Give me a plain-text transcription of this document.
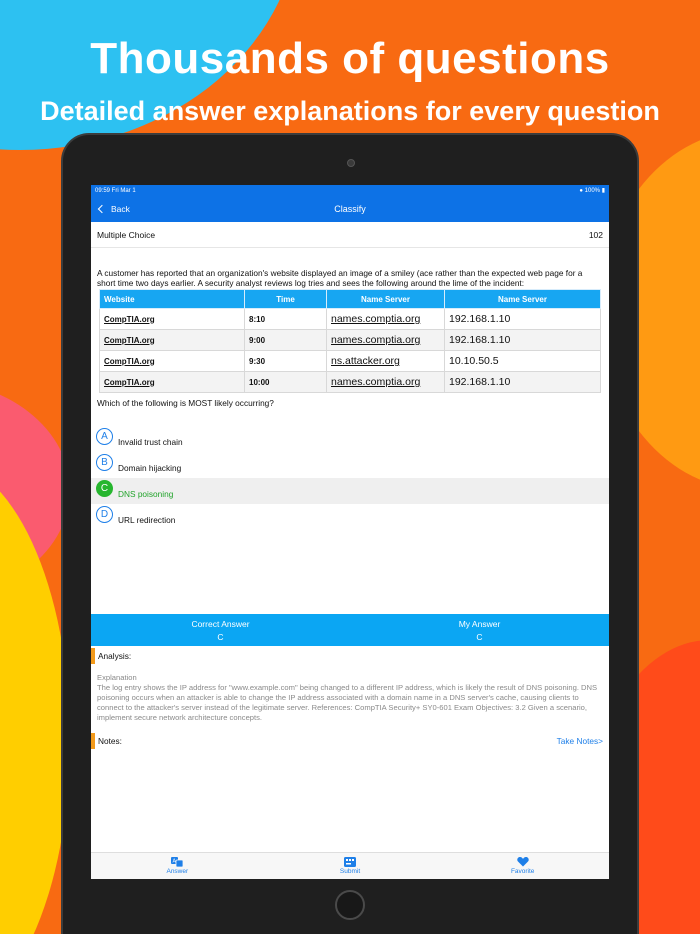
Thousands of questions
Detailed answer explanations for every question
09:59 Fri Mar 1	● 100% ▮
Back	Classify
Multiple Choice	102
A customer has reported that an organization's website displayed an image of a smiley (ace rather than the expected web page for a short time two days earlier. A security analyst reviews log tries and sees the following around the lime of the incident:
Website	Time	Name Server	Name Server
CompTIA.org	8:10	names.comptia.org	192.168.1.10
CompTIA.org	9:00	names.comptia.org	192.168.1.10
CompTIA.org	9:30	ns.attacker.org	10.10.50.5
CompTIA.org	10:00	names.comptia.org	192.168.1.10
Which of the following is MOST likely occurring?
A
Invalid trust chain
B
Domain hijacking
C
DNS poisoning
D
URL redirection
Correct Answer
C
My Answer
C
Analysis:
Explanation
The log entry shows the IP address for "www.example.com" being changed to a different IP address, which is likely the result of DNS poisoning. DNS poisoning occurs when an attacker is able to change the IP address associated with a domain name in a DNS server's cache, causing clients to connect to the attacker's server instead of the legitimate server. References: CompTIA Security+ SY0-601 Exam Objectives: 3.2 Given a scenario, implement secure network architecture concepts.
Notes:	Take Notes>
A
Answer	Submit	Favorite
